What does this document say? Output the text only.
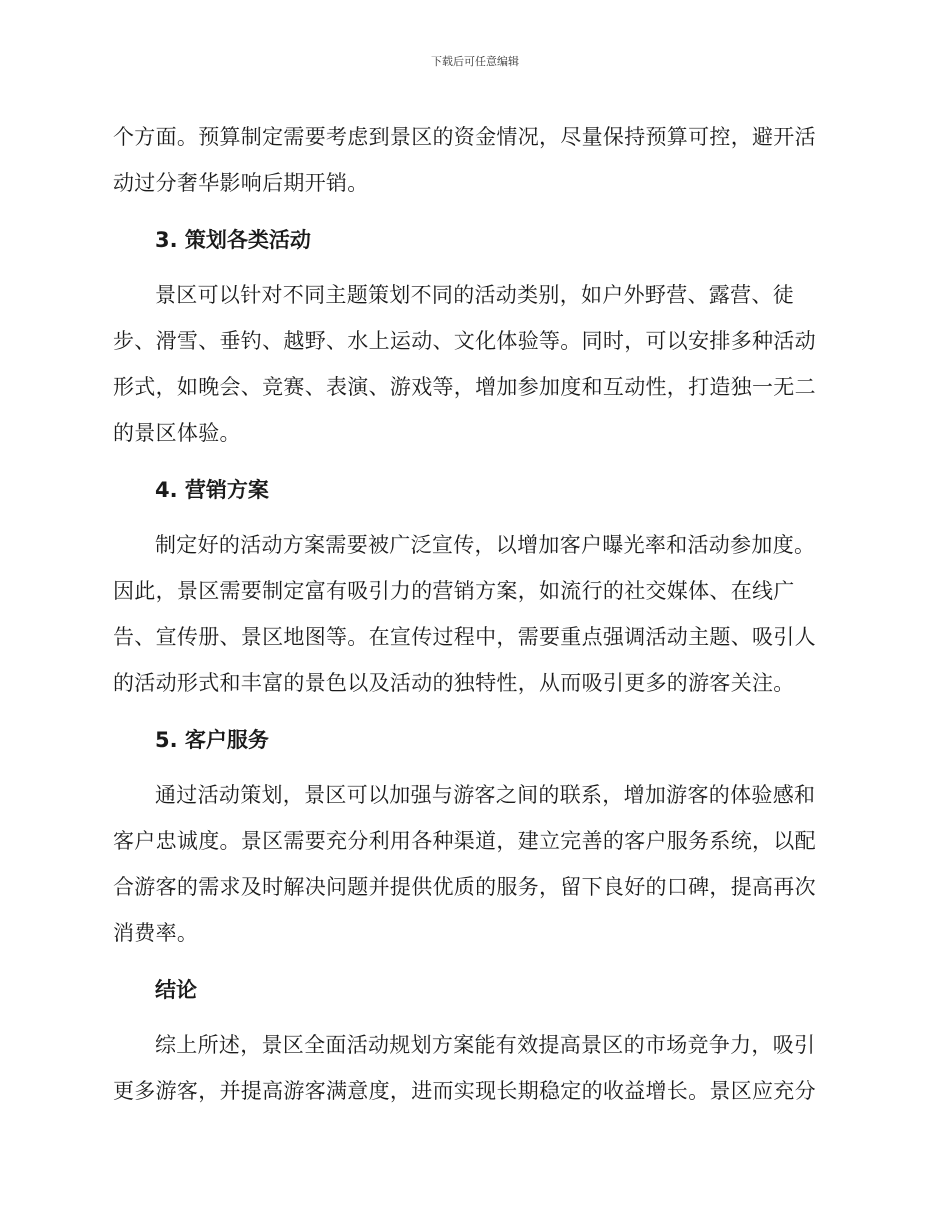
下载后可任意编辑

个方面。预算制定需要考虑到景区的资金情况，尽量保持预算可控，避开活
动过分奢华影响后期开销。

3. 策划各类活动

景区可以针对不同主题策划不同的活动类别，如户外野营、露营、徒
步、滑雪、垂钓、越野、水上运动、文化体验等。同时，可以安排多种活动
形式，如晚会、竞赛、表演、游戏等，增加参加度和互动性，打造独一无二
的景区体验。

4. 营销方案

制定好的活动方案需要被广泛宣传，以增加客户曝光率和活动参加度。
因此，景区需要制定富有吸引力的营销方案，如流行的社交媒体、在线广
告、宣传册、景区地图等。在宣传过程中，需要重点强调活动主题、吸引人
的活动形式和丰富的景色以及活动的独特性，从而吸引更多的游客关注。

5. 客户服务

通过活动策划，景区可以加强与游客之间的联系，增加游客的体验感和
客户忠诚度。景区需要充分利用各种渠道，建立完善的客户服务系统，以配
合游客的需求及时解决问题并提供优质的服务，留下良好的口碑，提高再次
消费率。

结论

综上所述，景区全面活动规划方案能有效提高景区的市场竞争力，吸引
更多游客，并提高游客满意度，进而实现长期稳定的收益增长。景区应充分
